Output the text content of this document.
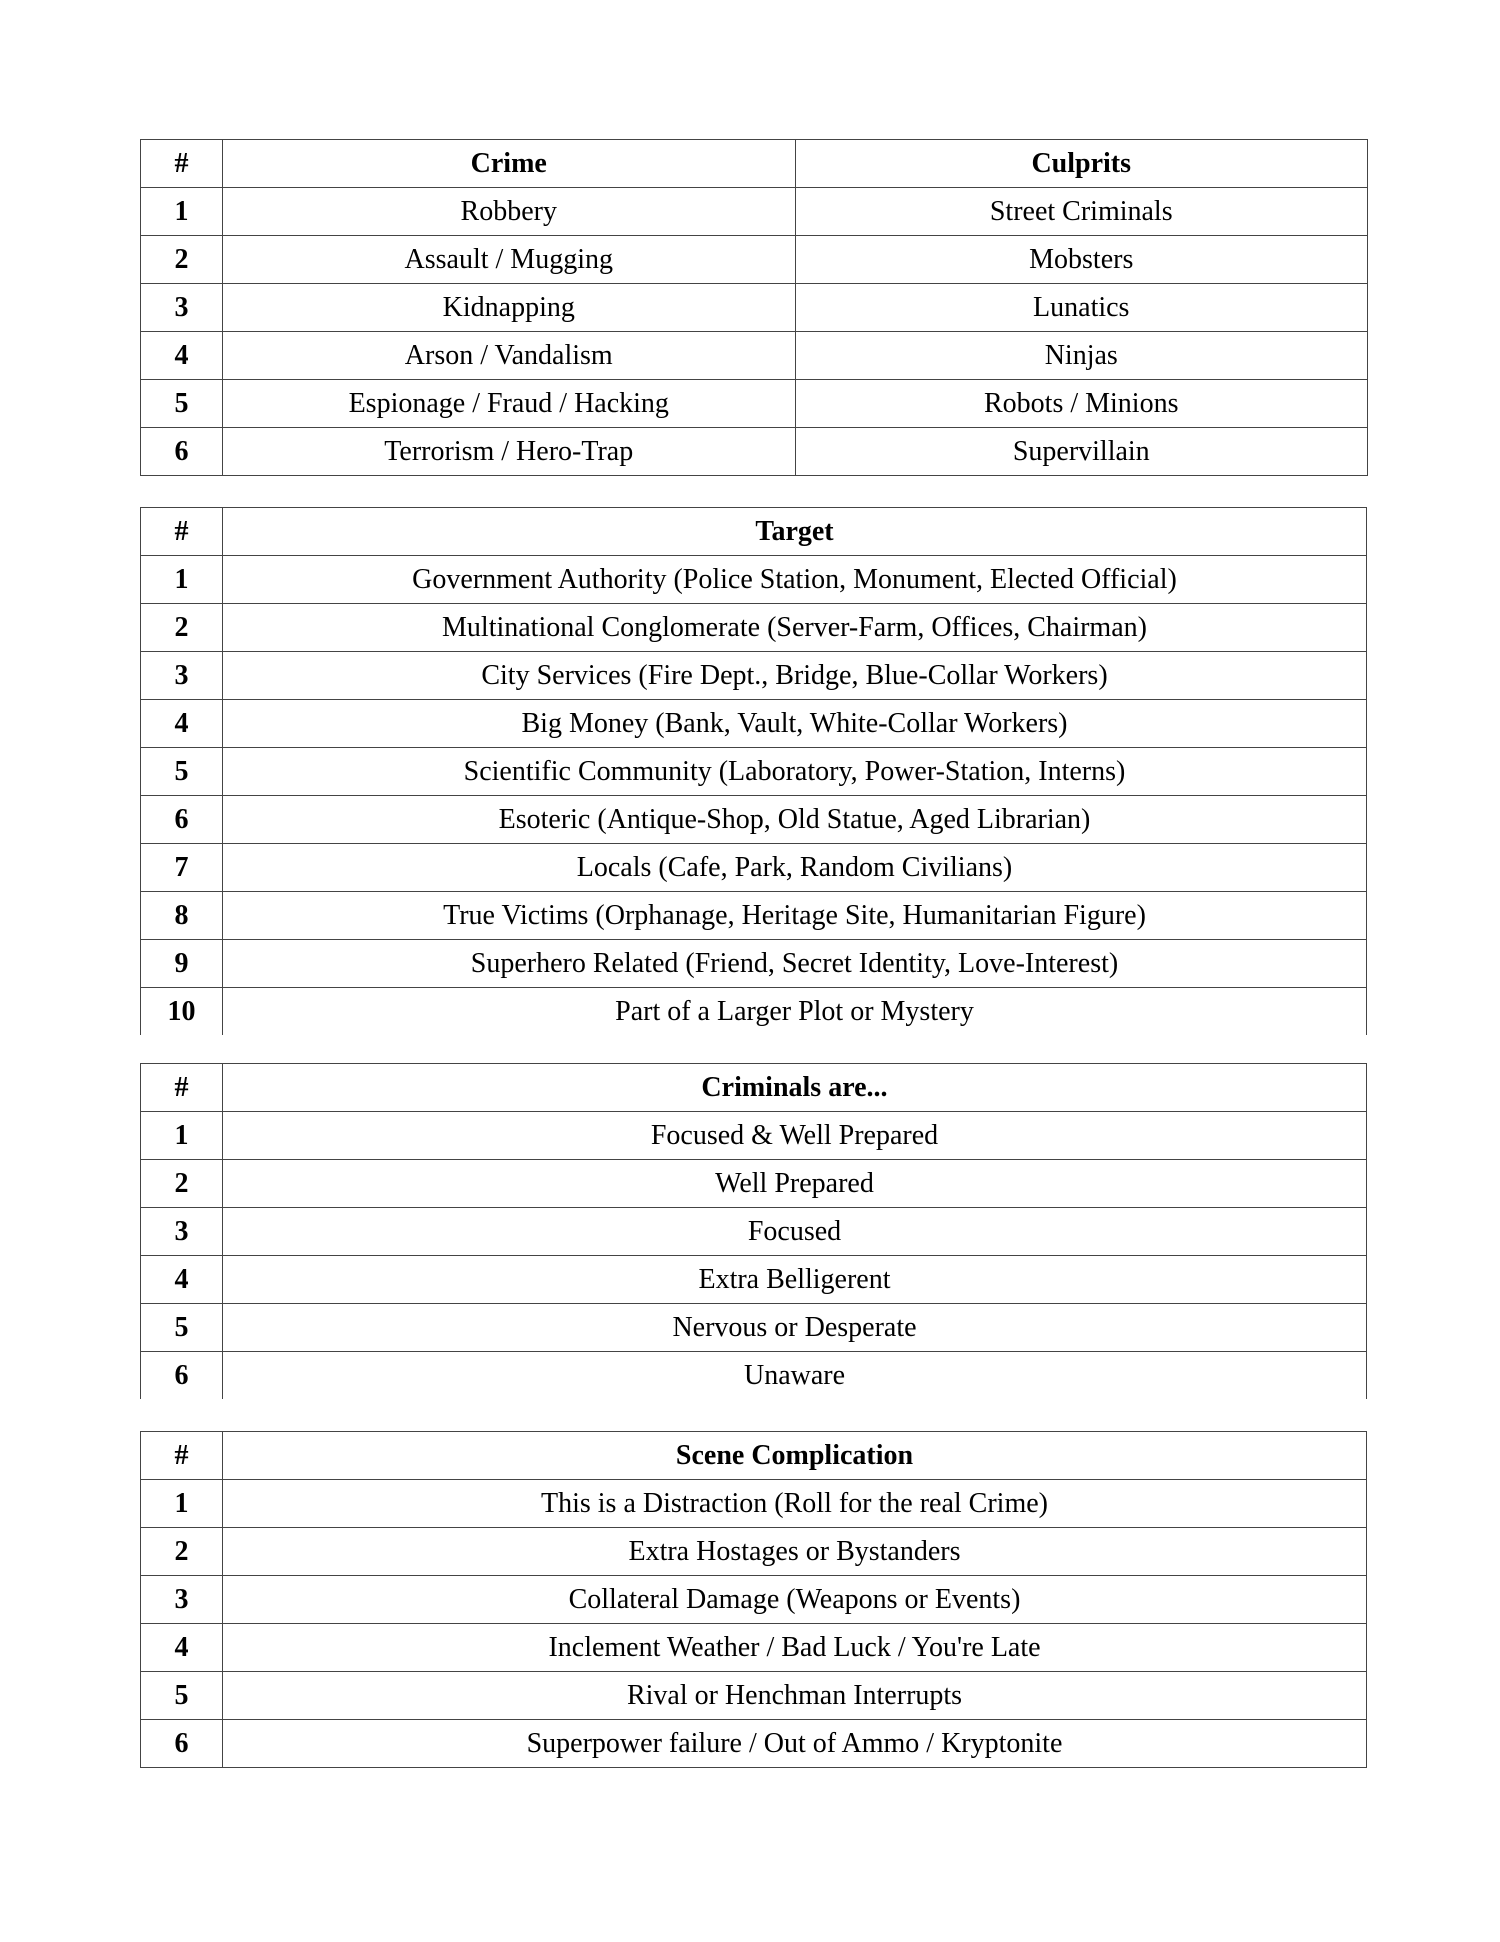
#	Crime	Culprits
1	Robbery	Street Criminals
2	Assault / Mugging	Mobsters
3	Kidnapping	Lunatics
4	Arson / Vandalism	Ninjas
5	Espionage / Fraud / Hacking	Robots / Minions
6	Terrorism / Hero-Trap	Supervillain
#	Target
1	Government Authority (Police Station, Monument, Elected Official)
2	Multinational Conglomerate (Server-Farm, Offices, Chairman)
3	City Services (Fire Dept., Bridge, Blue-Collar Workers)
4	Big Money (Bank, Vault, White-Collar Workers)
5	Scientific Community (Laboratory, Power-Station, Interns)
6	Esoteric (Antique-Shop, Old Statue, Aged Librarian)
7	Locals (Cafe, Park, Random Civilians)
8	True Victims (Orphanage, Heritage Site, Humanitarian Figure)
9	Superhero Related (Friend, Secret Identity, Love-Interest)
10	Part of a Larger Plot or Mystery
#	Criminals are...
1	Focused & Well Prepared
2	Well Prepared
3	Focused
4	Extra Belligerent
5	Nervous or Desperate
6	Unaware
#	Scene Complication
1	This is a Distraction (Roll for the real Crime)
2	Extra Hostages or Bystanders
3	Collateral Damage (Weapons or Events)
4	Inclement Weather / Bad Luck / You're Late
5	Rival or Henchman Interrupts
6	Superpower failure / Out of Ammo / Kryptonite
